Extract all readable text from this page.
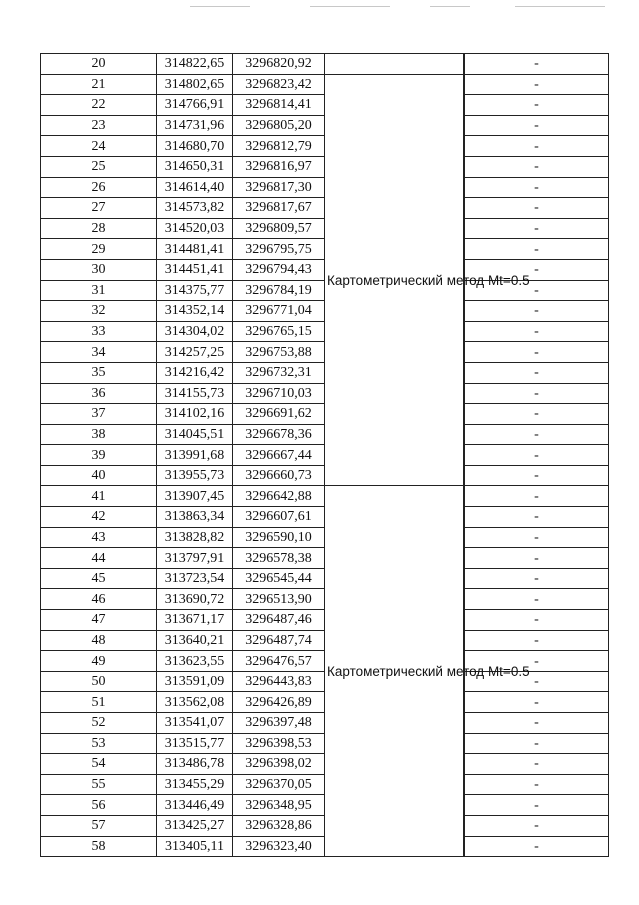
20	314822,65	3296820,92			-
21	314802,65	3296823,42	Картометрический метод Mt=0.5		-
22	314766,91	3296814,41		-
23	314731,96	3296805,20		-
24	314680,70	3296812,79		-
25	314650,31	3296816,97		-
26	314614,40	3296817,30		-
27	314573,82	3296817,67		-
28	314520,03	3296809,57		-
29	314481,41	3296795,75		-
30	314451,41	3296794,43		-
31	314375,77	3296784,19		-
32	314352,14	3296771,04		-
33	314304,02	3296765,15		-
34	314257,25	3296753,88		-
35	314216,42	3296732,31		-
36	314155,73	3296710,03		-
37	314102,16	3296691,62		-
38	314045,51	3296678,36		-
39	313991,68	3296667,44		-
40	313955,73	3296660,73		-
41	313907,45	3296642,88	Картометрический метод Mt=0.5		-
42	313863,34	3296607,61		-
43	313828,82	3296590,10		-
44	313797,91	3296578,38		-
45	313723,54	3296545,44		-
46	313690,72	3296513,90		-
47	313671,17	3296487,46		-
48	313640,21	3296487,74		-
49	313623,55	3296476,57		-
50	313591,09	3296443,83		-
51	313562,08	3296426,89		-
52	313541,07	3296397,48		-
53	313515,77	3296398,53		-
54	313486,78	3296398,02		-
55	313455,29	3296370,05		-
56	313446,49	3296348,95		-
57	313425,27	3296328,86		-
58	313405,11	3296323,40		-
